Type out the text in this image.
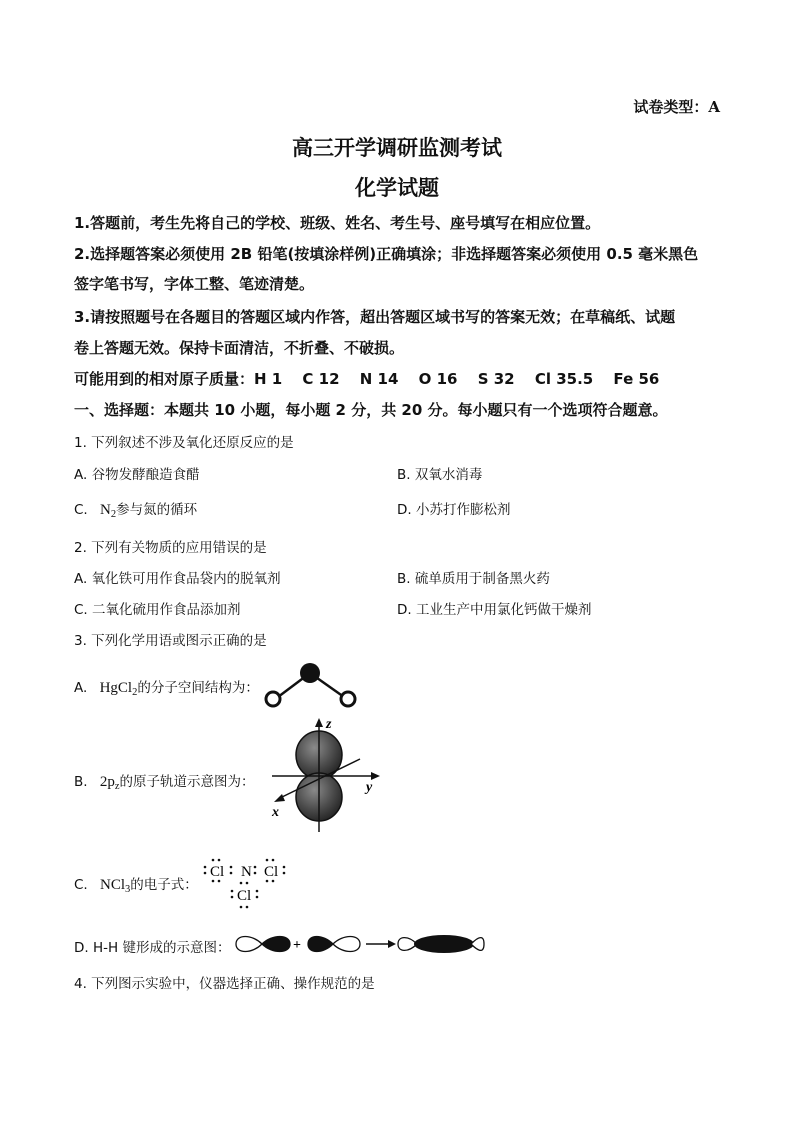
试卷类型：A
高三开学调研监测考试
化学试题
1.答题前，考生先将自己的学校、班级、姓名、考生号、座号填写在相应位置。
2.选择题答案必须使用 2B 铅笔(按填涂样例)正确填涂；非选择题答案必须使用 0.5 毫米黑色
签字笔书写，字体工整、笔迹清楚。
3.请按照题号在各题目的答题区域内作答，超出答题区域书写的答案无效；在草稿纸、试题
卷上答题无效。保持卡面清洁，不折叠、不破损。
可能用到的相对原子质量：H 1　 C 12　 N 14　 O 16　 S 32　 Cl 35.5　 Fe 56
一、选择题：本题共 10 小题，每小题 2 分，共 20 分。每小题只有一个选项符合题意。
1. 下列叙述不涉及氧化还原反应的是
A. 谷物发酵酿造食醋	B. 双氧水消毒
C. $N_2$参与氮的循环	D. 小苏打作膨松剂
2. 下列有关物质的应用错误的是
A. 氧化铁可用作食品袋内的脱氧剂	B. 硫单质用于制备黑火药
C. 二氧化硫用作食品添加剂	D. 工业生产中用氯化钙做干燥剂
3. 下列化学用语或图示正确的是
A. HgCl$_2$的分子空间结构为：
B. $2p_z$的原子轨道示意图为：
z
y
x
C. NCl$_3$的电子式：
Cl N Cl
Cl
D. H-H 键形成的示意图：	+
4. 下列图示实验中，仪器选择正确、操作规范的是
